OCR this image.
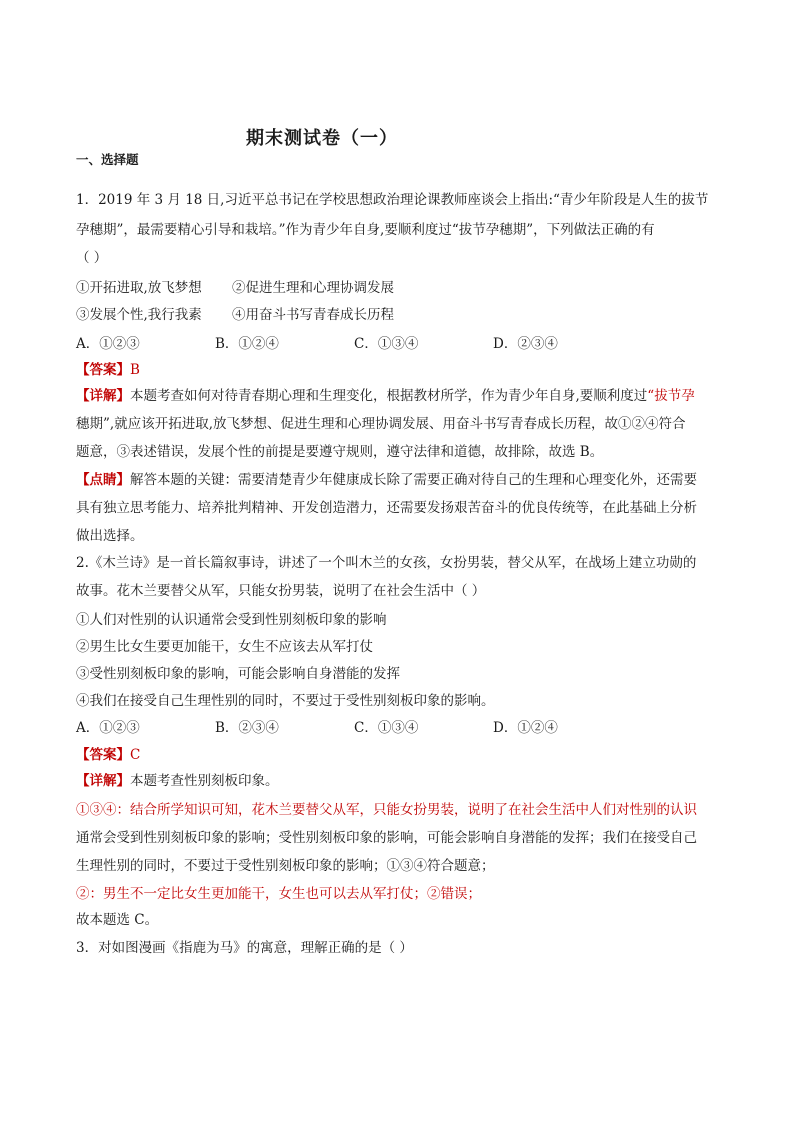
期末测试卷（一）
一、选择题
1．2019 年 3 月 18 日,习近平总书记在学校思想政治理论课教师座谈会上指出:“青少年阶段是人生的拔节
孕穗期”，最需要精心引导和栽培。”作为青少年自身,要顺利度过“拔节孕穗期”，下列做法正确的有
（ ）
①开拓进取,放飞梦想 ②促进生理和心理协调发展
③发展个性,我行我素 ④用奋斗书写青春成长历程
A．①②③	B．①②④	C．①③④	D．②③④
【答案】B
【详解】本题考查如何对待青春期心理和生理变化，根据教材所学，作为青少年自身,要顺利度过“拔节孕
穗期”,就应该开拓进取,放飞梦想、促进生理和心理协调发展、用奋斗书写青春成长历程，故①②④符合
题意，③表述错误，发展个性的前提是要遵守规则，遵守法律和道德，故排除，故选 B。
【点睛】解答本题的关键：需要清楚青少年健康成长除了需要正确对待自己的生理和心理变化外，还需要
具有独立思考能力、培养批判精神、开发创造潜力，还需要发扬艰苦奋斗的优良传统等，在此基础上分析
做出选择。
2.《木兰诗》是一首长篇叙事诗，讲述了一个叫木兰的女孩，女扮男装，替父从军，在战场上建立功勋的
故事。花木兰要替父从军，只能女扮男装，说明了在社会生活中（ ）
①人们对性别的认识通常会受到性别刻板印象的影响
②男生比女生要更加能干，女生不应该去从军打仗
③受性别刻板印象的影响，可能会影响自身潜能的发挥
④我们在接受自己生理性别的同时，不要过于受性别刻板印象的影响。
A．①②③	B．②③④	C．①③④	D．①②④
【答案】C
【详解】本题考查性别刻板印象。
①③④：结合所学知识可知，花木兰要替父从军，只能女扮男装，说明了在社会生活中人们对性别的认识
通常会受到性别刻板印象的影响；受性别刻板印象的影响，可能会影响自身潜能的发挥；我们在接受自己
生理性别的同时，不要过于受性别刻板印象的影响；①③④符合题意；
②：男生不一定比女生更加能干，女生也可以去从军打仗；②错误；
故本题选 C。
3．对如图漫画《指鹿为马》的寓意，理解正确的是（ ）
